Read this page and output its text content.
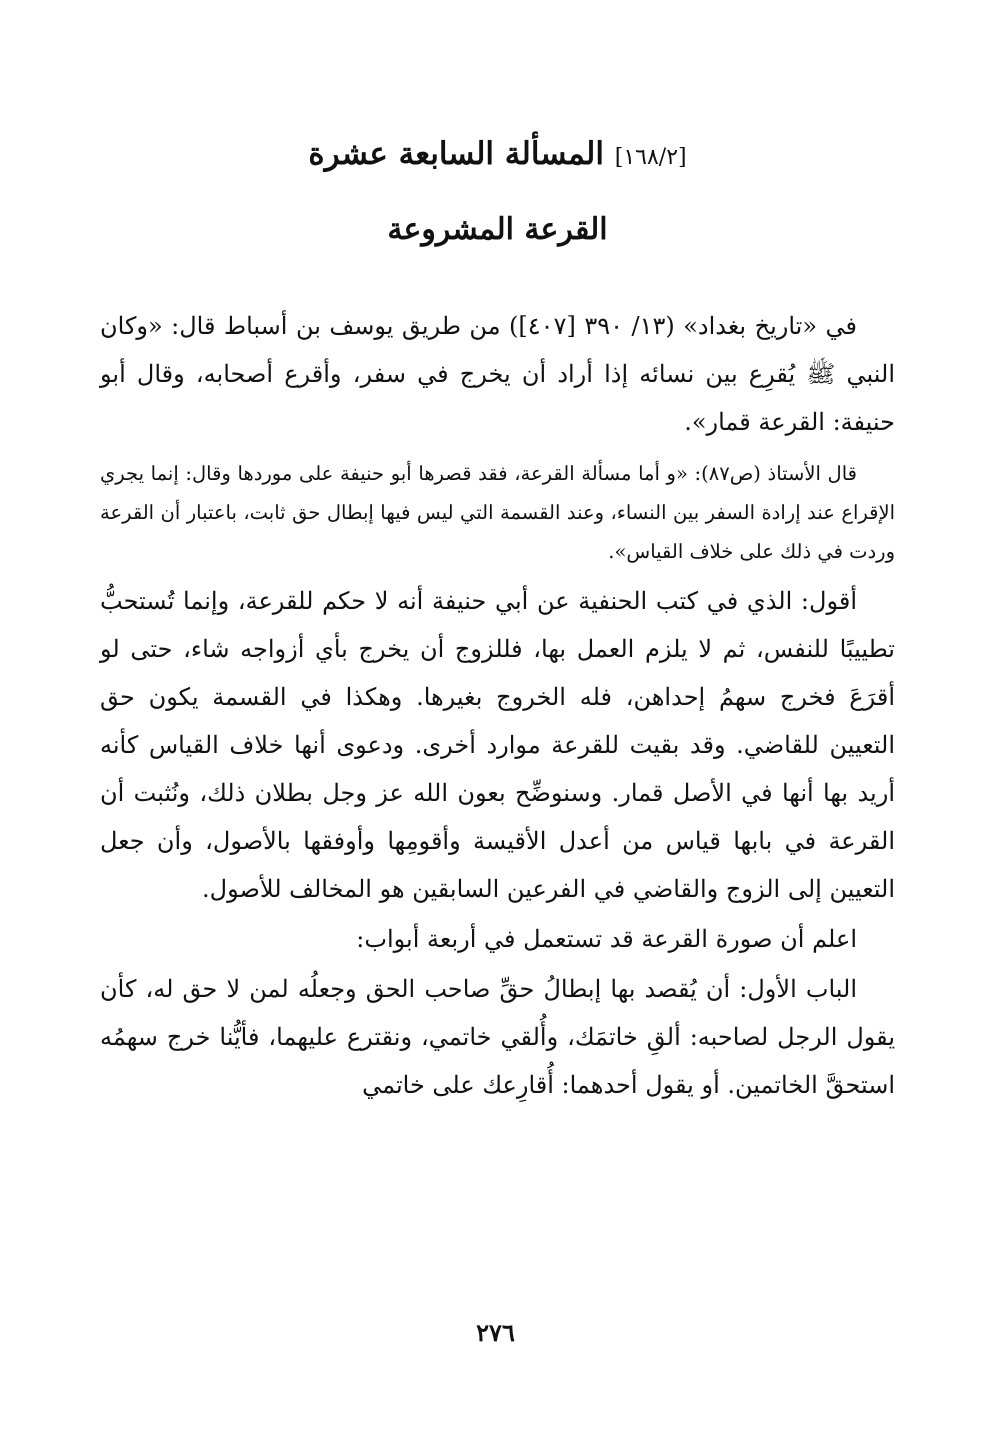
[١٦٨/٢] المسألة السابعة عشرة
القرعة المشروعة

في «تاريخ بغداد» (١٣/ ٣٩٠ [٤٠٧]) من طريق يوسف بن أسباط قال: «وكان النبي ﷺ يُقرِع بين نسائه إذا أراد أن يخرج في سفر، وأقرع أصحابه، وقال أبو حنيفة: القرعة قمار».

قال الأستاذ (ص٨٧): «و أما مسألة القرعة، فقد قصرها أبو حنيفة على موردها وقال: إنما يجري الإقراع عند إرادة السفر بين النساء، وعند القسمة التي ليس فيها إبطال حق ثابت، باعتبار أن القرعة وردت في ذلك على خلاف القياس».

أقول: الذي في كتب الحنفية عن أبي حنيفة أنه لا حكم للقرعة، وإنما تُستحبُّ تطييبًا للنفس، ثم لا يلزم العمل بها، فللزوج أن يخرج بأي أزواجه شاء، حتى لو أقرَعَ فخرج سهمُ إحداهن، فله الخروج بغيرها. وهكذا في القسمة يكون حق التعيين للقاضي. وقد بقيت للقرعة موارد أخرى. ودعوى أنها خلاف القياس كأنه أريد بها أنها في الأصل قمار. وسنوضِّح بعون الله عز وجل بطلان ذلك، ونُثبت أن القرعة في بابها قياس من أعدل الأقيسة وأقومِها وأوفقها بالأصول، وأن جعل التعيين إلى الزوج والقاضي في الفرعين السابقين هو المخالف للأصول.

اعلم أن صورة القرعة قد تستعمل في أربعة أبواب:

الباب الأول: أن يُقصد بها إبطالُ حقِّ صاحب الحق وجعلُه لمن لا حق له، كأن يقول الرجل لصاحبه: ألقِ خاتمَك، وأُلقي خاتمي، ونقترع عليهما، فأيُّنا خرج سهمُه استحقَّ الخاتمين. أو يقول أحدهما: أُقارِعك على خاتمي

٢٧٦
